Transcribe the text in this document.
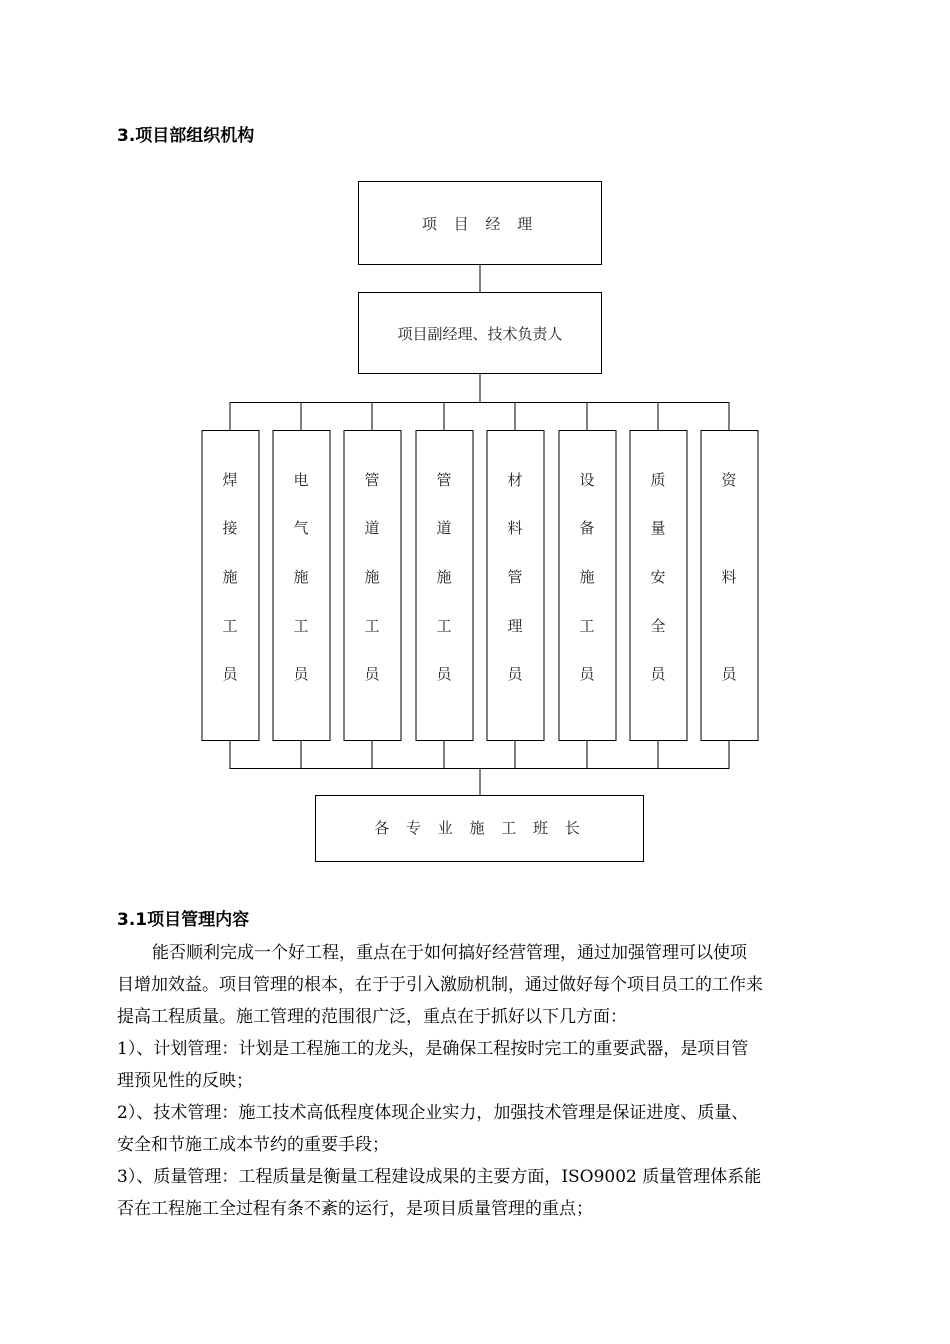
3.项目部组织机构
焊
接
施
工
员
电
气
施
工
员
管
道
施
工
员
管
道
施
工
员
材
料
管
理
员
设
备
施
工
员
质
量
安
全
员
资
料
员
项 目 经 理
项目副经理、技术负责人
各 专 业 施 工 班 长
3.1项目管理内容
能否顺利完成一个好工程，重点在于如何搞好经营管理，通过加强管理可以使项
目增加效益。项目管理的根本，在于于引入激励机制，通过做好每个项目员工的工作来
提高工程质量。施工管理的范围很广泛，重点在于抓好以下几方面：
1）、计划管理：计划是工程施工的龙头，是确保工程按时完工的重要武器，是项目管
理预见性的反映；
2）、技术管理：施工技术高低程度体现企业实力，加强技术管理是保证进度、质量、
安全和节施工成本节约的重要手段；
3）、质量管理：工程质量是衡量工程建设成果的主要方面，ISO9002 质量管理体系能
否在工程施工全过程有条不紊的运行，是项目质量管理的重点；
